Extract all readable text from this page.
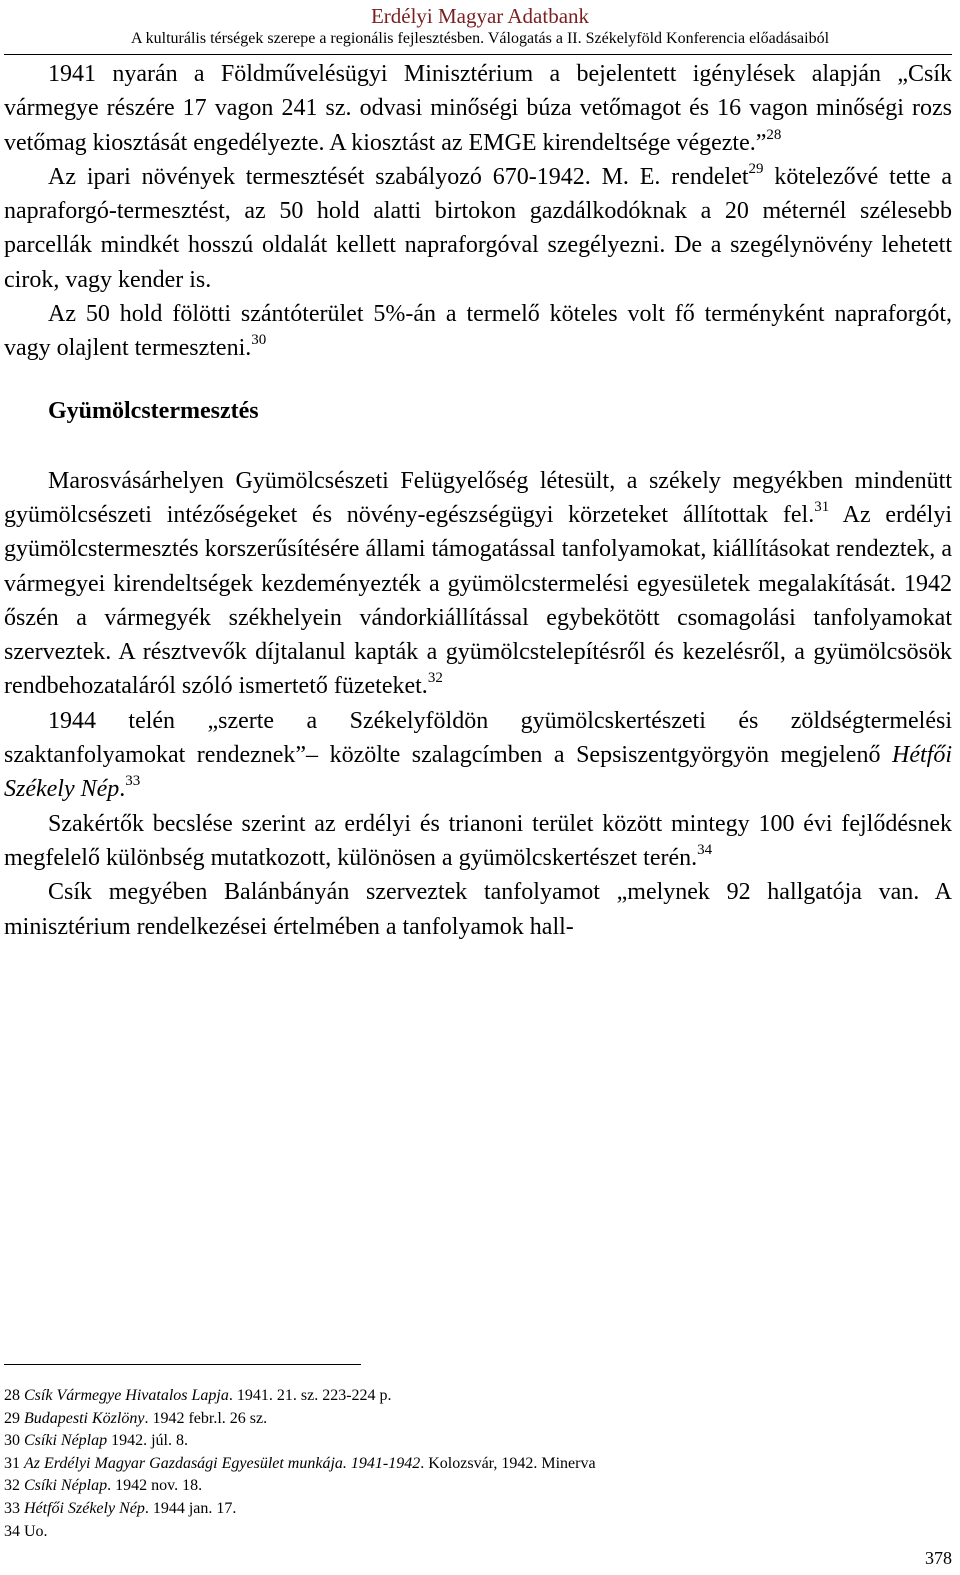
Erdélyi Magyar Adatbank
A kulturális térségek szerepe a regionális fejlesztésben. Válogatás a II. Székelyföld Konferencia előadásaiból

1941 nyarán a Földművelésügyi Minisztérium a bejelentett igénylések alapján „Csík vármegye részére 17 vagon 241 sz. odvasi minőségi búza vetőmagot és 16 vagon minőségi rozs vetőmag kiosztását engedélyezte. A kiosztást az EMGE kirendeltsége végezte.”$^{28}$

Az ipari növények termesztését szabályozó 670-1942. M. E. rendelet$^{29}$ kötelezővé tette a napraforgó-termesztést, az 50 hold alatti birtokon gazdálkodóknak a 20 méternél szélesebb parcellák mindkét hosszú oldalát kellett napraforgóval szegélyezni. De a szegélynövény lehetett cirok, vagy kender is.

Az 50 hold fölötti szántóterület 5%-án a termelő köteles volt fő terményként napraforgót, vagy olajlent termeszteni.$^{30}$

Gyümölcstermesztés

Marosvásárhelyen Gyümölcsészeti Felügyelőség létesült, a székely megyékben mindenütt gyümölcsészeti intézőségeket és növény-egészségügyi körzeteket állítottak fel.$^{31}$ Az erdélyi gyümölcstermesztés korszerűsítésére állami támogatással tanfolyamokat, kiállításokat rendeztek, a vármegyei kirendeltségek kezdeményezték a gyümölcstermelési egyesületek megalakítását. 1942 őszén a vármegyék székhelyein vándorkiállítással egybekötött csomagolási tanfolyamokat szerveztek. A résztvevők díjtalanul kapták a gyümölcstelepítésről és kezelésről, a gyümölcsösök rendbehozataláról szóló ismertető füzeteket.$^{32}$

1944 telén „szerte a Székelyföldön gyümölcskertészeti és zöldségtermelési szaktanfolyamokat rendeznek”– közölte szalagcímben a Sepsiszentgyörgyön megjelenő Hétfői Székely Nép.$^{33}$

Szakértők becslése szerint az erdélyi és trianoni terület között mintegy 100 évi fejlődésnek megfelelő különbség mutatkozott, különösen a gyümölcskertészet terén.$^{34}$

Csík megyében Balánbányán szerveztek tanfolyamot „melynek 92 hallgatója van. A minisztérium rendelkezései értelmében a tanfolyamok hall-

28 Csík Vármegye Hivatalos Lapja. 1941. 21. sz. 223-224 p.
29 Budapesti Közlöny. 1942 febr.l. 26 sz.
30 Csíki Néplap 1942. júl. 8.
31 Az Erdélyi Magyar Gazdasági Egyesület munkája. 1941-1942. Kolozsvár, 1942. Minerva
32 Csíki Néplap. 1942 nov. 18.
33 Hétfői Székely Nép. 1944 jan. 17.
34 Uo.
378
